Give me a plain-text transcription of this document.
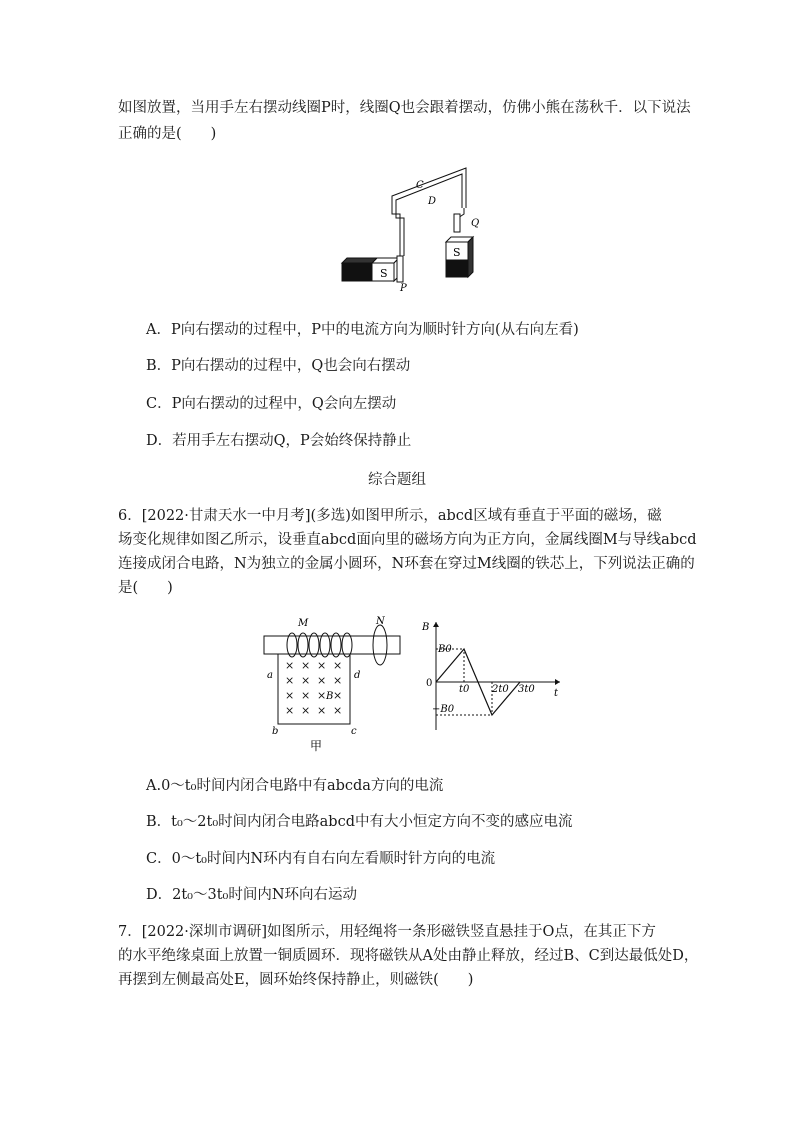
如图放置，当用手左右摆动线圈P时，线圈Q也会跟着摆动，仿佛小熊在荡秋千．以下说法
正确的是(　　)
S
P
C
D
Q
S
A．P向右摆动的过程中，P中的电流方向为顺时针方向(从右向左看)
B．P向右摆动的过程中，Q也会向右摆动
C．P向右摆动的过程中，Q会向左摆动
D．若用手左右摆动Q，P会始终保持静止
综合题组
6．[2022·甘肃天水一中月考](多选)如图甲所示，abcd区域有垂直于平面的磁场，磁
场变化规律如图乙所示，设垂直abcd面向里的磁场方向为正方向，金属线圈M与导线abcd
连接成闭合电路，N为独立的金属小圆环，N环套在穿过M线圈的铁芯上，下列说法正确的
是(　　)
M	N
× × × ×
× × × ×
× × × ×
× × × ×
B
a	d
b	c
甲
B
t
0
B0
−B0
t0 2t0 3t0
A.0～t₀时间内闭合电路中有abcda方向的电流
B．t₀～2t₀时间内闭合电路abcd中有大小恒定方向不变的感应电流
C．0～t₀时间内N环内有自右向左看顺时针方向的电流
D．2t₀～3t₀时间内N环向右运动
7．[2022·深圳市调研]如图所示，用轻绳将一条形磁铁竖直悬挂于O点，在其正下方
的水平绝缘桌面上放置一铜质圆环．现将磁铁从A处由静止释放，经过B、C到达最低处D，
再摆到左侧最高处E，圆环始终保持静止，则磁铁(　　)
